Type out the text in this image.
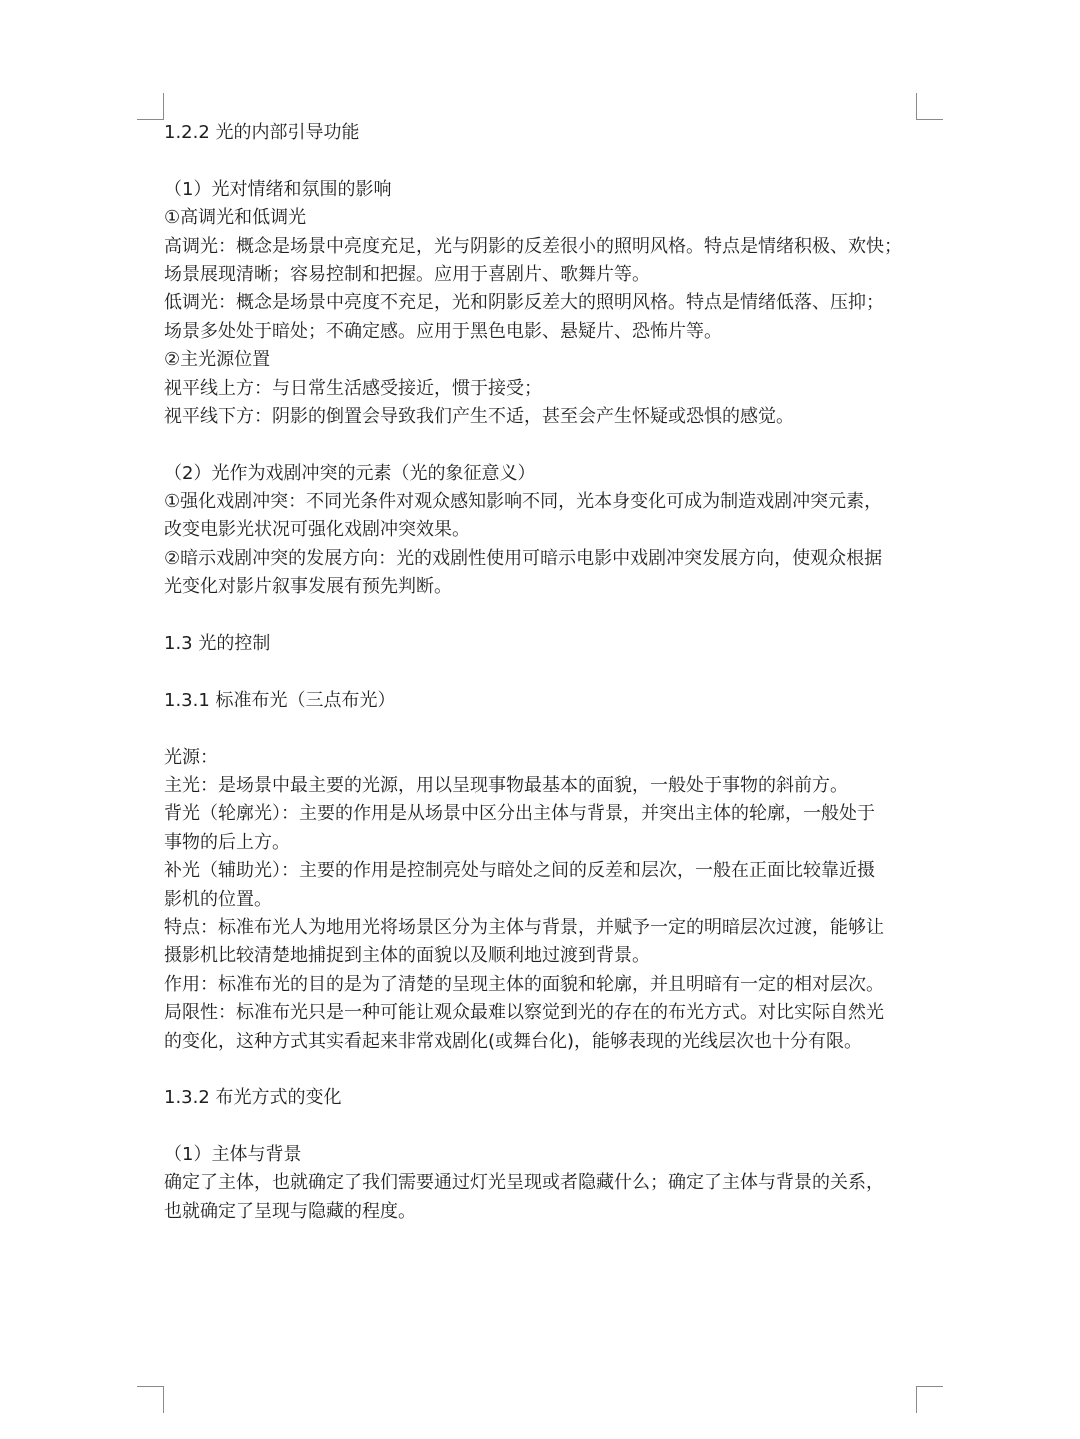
1.2.2 光的内部引导功能
（1）光对情绪和氛围的影响
①高调光和低调光
高调光：概念是场景中亮度充足，光与阴影的反差很小的照明风格。特点是情绪积极、欢快；
场景展现清晰；容易控制和把握。应用于喜剧片、歌舞片等。
低调光：概念是场景中亮度不充足，光和阴影反差大的照明风格。特点是情绪低落、压抑；
场景多处处于暗处；不确定感。应用于黑色电影、悬疑片、恐怖片等。
②主光源位置
视平线上方：与日常生活感受接近，惯于接受；
视平线下方：阴影的倒置会导致我们产生不适，甚至会产生怀疑或恐惧的感觉。
（2）光作为戏剧冲突的元素（光的象征意义）
①强化戏剧冲突：不同光条件对观众感知影响不同，光本身变化可成为制造戏剧冲突元素，
改变电影光状况可强化戏剧冲突效果。
②暗示戏剧冲突的发展方向：光的戏剧性使用可暗示电影中戏剧冲突发展方向，使观众根据
光变化对影片叙事发展有预先判断。
1.3 光的控制
1.3.1 标准布光（三点布光）
光源：
主光：是场景中最主要的光源，用以呈现事物最基本的面貌，一般处于事物的斜前方。
背光（轮廓光）：主要的作用是从场景中区分出主体与背景，并突出主体的轮廓，一般处于
事物的后上方。
补光（辅助光）：主要的作用是控制亮处与暗处之间的反差和层次，一般在正面比较靠近摄
影机的位置。
特点：标准布光人为地用光将场景区分为主体与背景，并赋予一定的明暗层次过渡，能够让
摄影机比较清楚地捕捉到主体的面貌以及顺利地过渡到背景。
作用：标准布光的目的是为了清楚的呈现主体的面貌和轮廓，并且明暗有一定的相对层次。
局限性：标准布光只是一种可能让观众最难以察觉到光的存在的布光方式。对比实际自然光
的变化，这种方式其实看起来非常戏剧化(或舞台化)，能够表现的光线层次也十分有限。
1.3.2 布光方式的变化
（1）主体与背景
确定了主体，也就确定了我们需要通过灯光呈现或者隐藏什么；确定了主体与背景的关系，
也就确定了呈现与隐藏的程度。
